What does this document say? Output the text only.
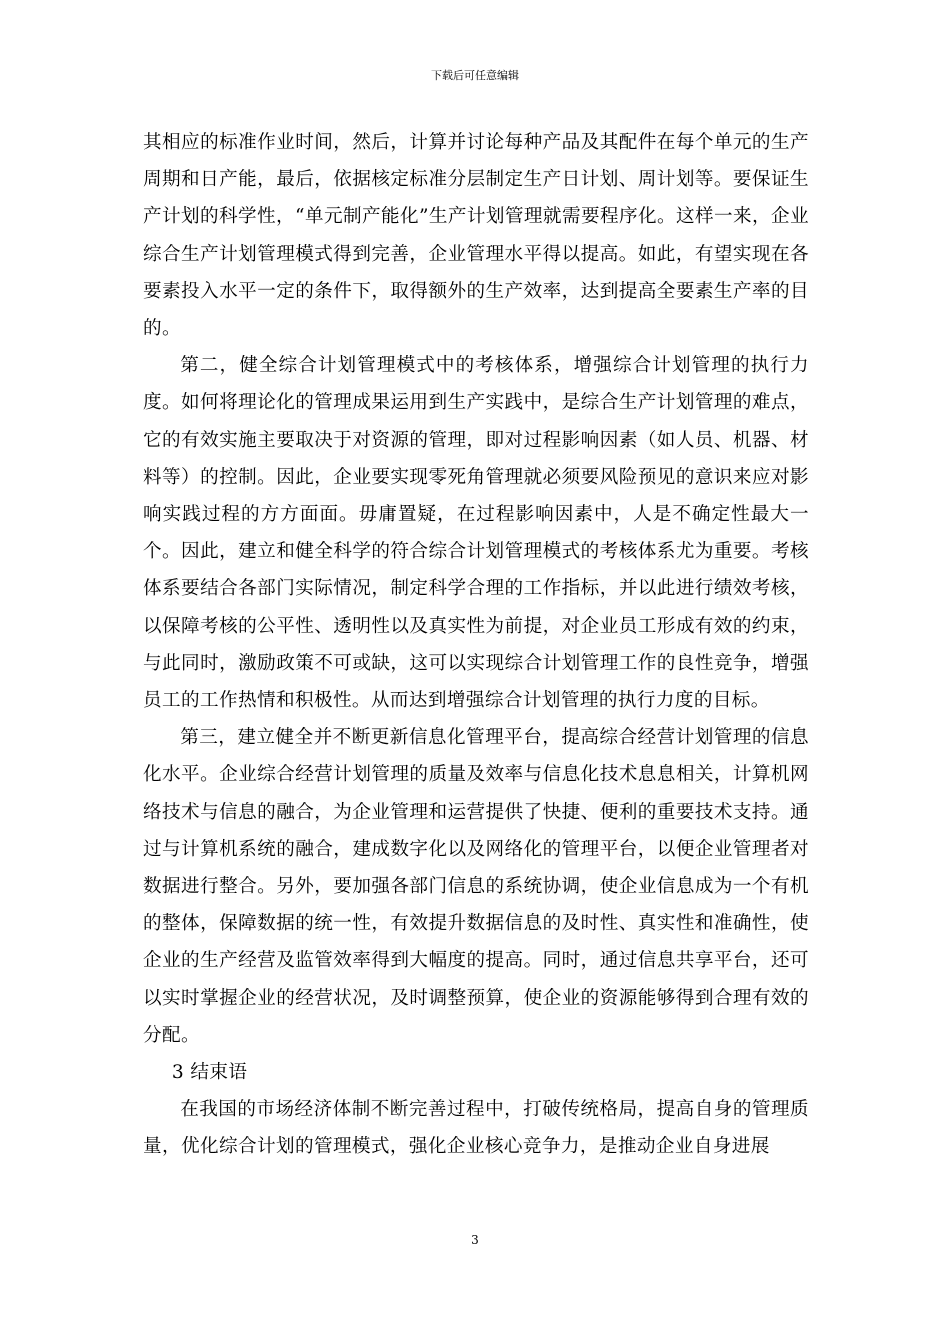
下载后可任意编辑

其相应的标准作业时间，然后，计算并讨论每种产品及其配件在每个单元的生产周期和日产能，最后，依据核定标准分层制定生产日计划、周计划等。要保证生产计划的科学性，“单元制产能化”生产计划管理就需要程序化。这样一来，企业综合生产计划管理模式得到完善，企业管理水平得以提高。如此，有望实现在各要素投入水平一定的条件下，取得额外的生产效率，达到提高全要素生产率的目的。

第二，健全综合计划管理模式中的考核体系，增强综合计划管理的执行力度。如何将理论化的管理成果运用到生产实践中，是综合生产计划管理的难点，它的有效实施主要取决于对资源的管理，即对过程影响因素（如人员、机器、材料等）的控制。因此，企业要实现零死角管理就必须要风险预见的意识来应对影响实践过程的方方面面。毋庸置疑，在过程影响因素中，人是不确定性最大一个。因此，建立和健全科学的符合综合计划管理模式的考核体系尤为重要。考核体系要结合各部门实际情况，制定科学合理的工作指标，并以此进行绩效考核，以保障考核的公平性、透明性以及真实性为前提，对企业员工形成有效的约束，与此同时，激励政策不可或缺，这可以实现综合计划管理工作的良性竞争，增强员工的工作热情和积极性。从而达到增强综合计划管理的执行力度的目标。

第三，建立健全并不断更新信息化管理平台，提高综合经营计划管理的信息化水平。企业综合经营计划管理的质量及效率与信息化技术息息相关，计算机网络技术与信息的融合，为企业管理和运营提供了快捷、便利的重要技术支持。通过与计算机系统的融合，建成数字化以及网络化的管理平台，以便企业管理者对数据进行整合。另外，要加强各部门信息的系统协调，使企业信息成为一个有机的整体，保障数据的统一性，有效提升数据信息的及时性、真实性和准确性，使企业的生产经营及监管效率得到大幅度的提高。同时，通过信息共享平台，还可以实时掌握企业的经营状况，及时调整预算，使企业的资源能够得到合理有效的分配。

3 结束语

在我国的市场经济体制不断完善过程中，打破传统格局，提高自身的管理质量，优化综合计划的管理模式，强化企业核心竞争力，是推动企业自身进展

3
